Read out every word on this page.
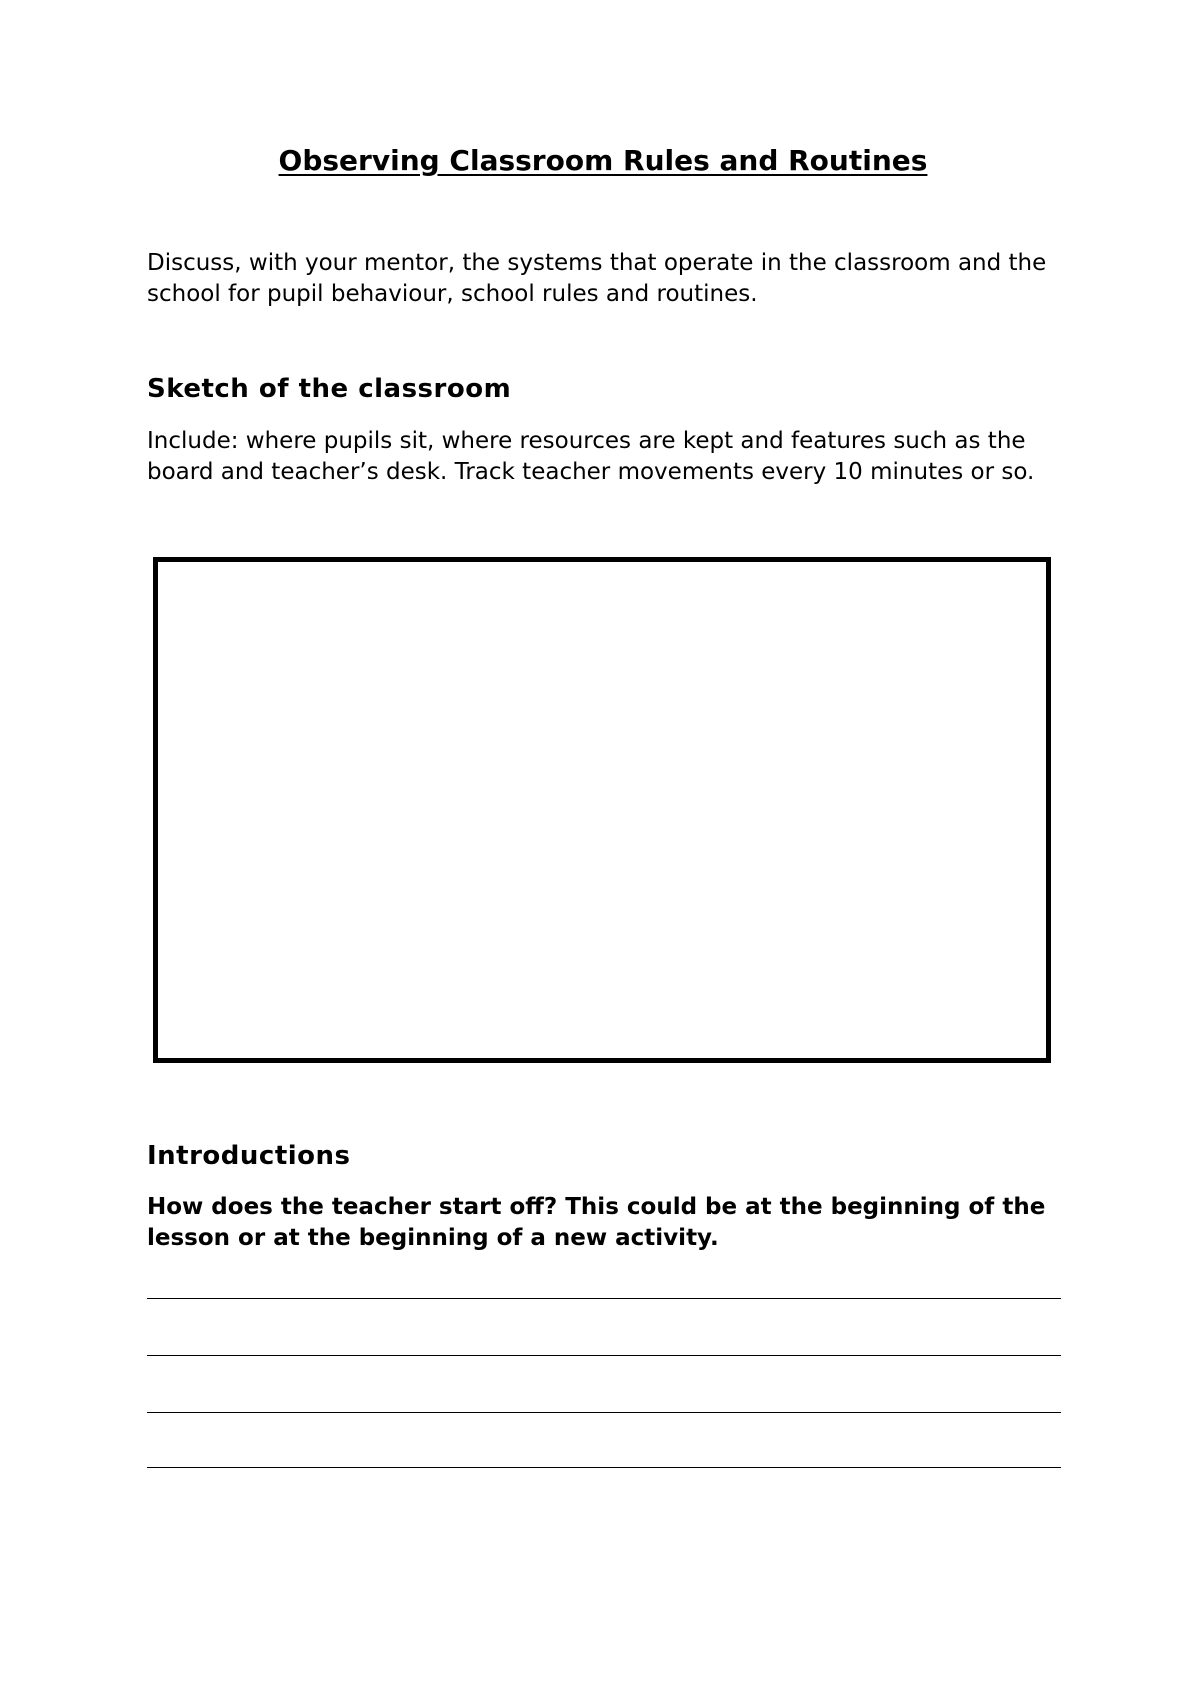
Observing Classroom Rules and Routines

Discuss, with your mentor, the systems that operate in the classroom and the school for pupil behaviour, school rules and routines.

Sketch of the classroom

Include: where pupils sit, where resources are kept and features such as the board and teacher’s desk. Track teacher movements every 10 minutes or so.

Introductions

How does the teacher start off? This could be at the beginning of the lesson or at the beginning of a new activity.
